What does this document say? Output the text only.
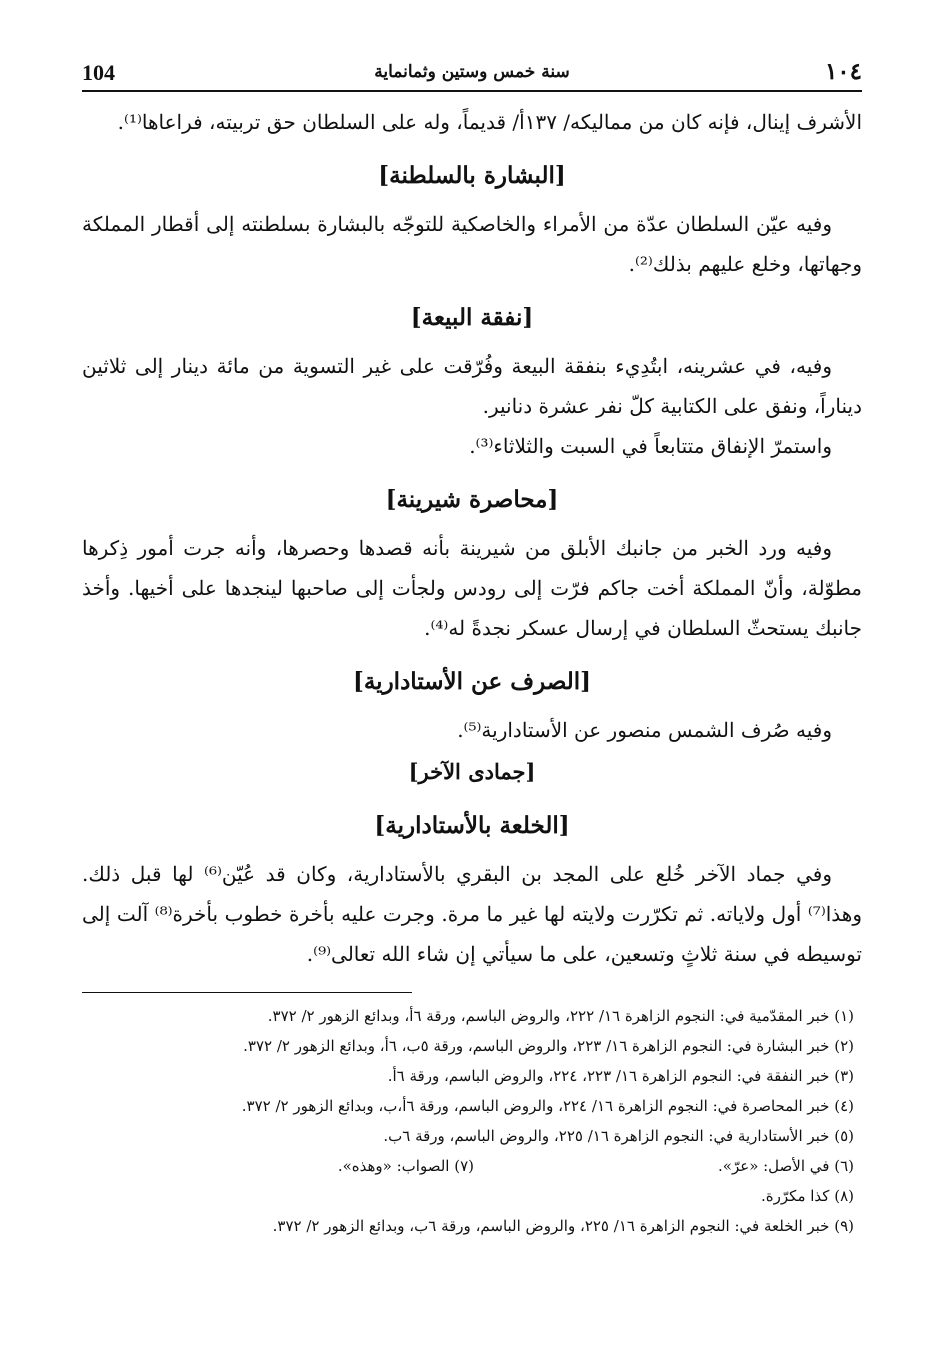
104	سنة خمس وستين وثمانماية	١٠٤

الأشرف إينال، فإنه كان من مماليكه/ ١٣٧أ/ قديماً، وله على السلطان حق تربيته، فراعاها⁽¹⁾.

[البشارة بالسلطنة]

وفيه عيّن السلطان عدّة من الأمراء والخاصكية للتوجّه بالبشارة بسلطنته إلى أقطار المملكة وجهاتها، وخلع عليهم بذلك⁽²⁾.

[نفقة البيعة]

وفيه، في عشرينه، ابتُدِيء بنفقة البيعة وفُرّقت على غير التسوية من مائة دينار إلى ثلاثين ديناراً، ونفق على الكتابية كلّ نفر عشرة دنانير.

واستمرّ الإنفاق متتابعاً في السبت والثلاثاء⁽³⁾.

[محاصرة شيرينة]

وفيه ورد الخبر من جانبك الأبلق من شيرينة بأنه قصدها وحصرها، وأنه جرت أمور ذِكرها مطوّلة، وأنّ المملكة أخت جاكم فرّت إلى رودس ولجأت إلى صاحبها لينجدها على أخيها. وأخذ جانبك يستحثّ السلطان في إرسال عسكر نجدةً له⁽⁴⁾.

[الصرف عن الأستادارية]

وفيه صُرف الشمس منصور عن الأستادارية⁽⁵⁾.

[جمادى الآخر]
[الخلعة بالأستادارية]

وفي جماد الآخر خُلع على المجد بن البقري بالأستادارية، وكان قد عُيّن⁽⁶⁾ لها قبل ذلك. وهذا⁽⁷⁾ أول ولاياته. ثم تكرّرت ولايته لها غير ما مرة. وجرت عليه بأخرة خطوب بأخرة⁽⁸⁾ آلت إلى توسيطه في سنة ثلاثٍ وتسعين، على ما سيأتي إن شاء الله تعالى⁽⁹⁾.

(١) خبر المقدّمية في: النجوم الزاهرة ١٦/ ٢٢٢، والروض الباسم، ورقة ٦أ، وبدائع الزهور ٢/ ٣٧٢.

(٢) خبر البشارة في: النجوم الزاهرة ١٦/ ٢٢٣، والروض الباسم، ورقة ٥ب، ٦أ، وبدائع الزهور ٢/ ٣٧٢.

(٣) خبر النفقة في: النجوم الزاهرة ١٦/ ٢٢٣، ٢٢٤، والروض الباسم، ورقة ٦أ.

(٤) خبر المحاصرة في: النجوم الزاهرة ١٦/ ٢٢٤، والروض الباسم، ورقة ٦أ،ب، وبدائع الزهور ٢/ ٣٧٢.

(٥) خبر الأستادارية في: النجوم الزاهرة ١٦/ ٢٢٥، والروض الباسم، ورقة ٦ب.

(٦) في الأصل: «عرّ».
(٧) الصواب: «وهذه».

(٨) كذا مكرّرة.

(٩) خبر الخلعة في: النجوم الزاهرة ١٦/ ٢٢٥، والروض الباسم، ورقة ٦ب، وبدائع الزهور ٢/ ٣٧٢.
